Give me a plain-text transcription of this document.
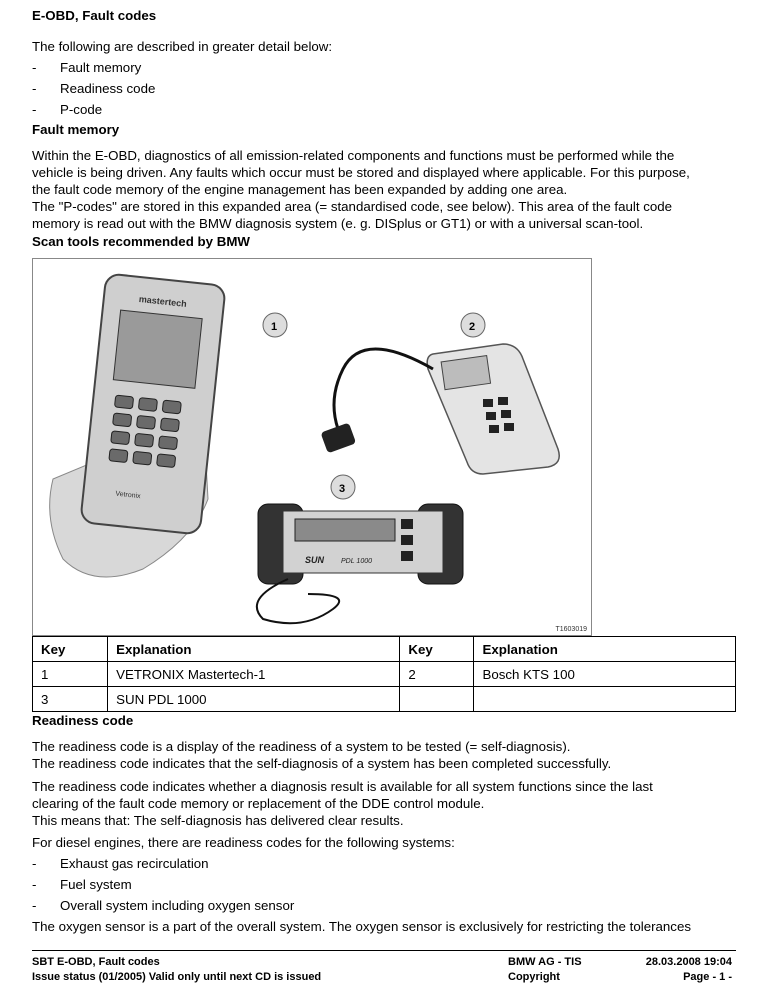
E-OBD, Fault codes
The following are described in greater detail below:
- Fault memory
- Readiness code
- P-code
Fault memory
Within the E-OBD, diagnostics of all emission-related components and functions must be performed while the
vehicle is being driven. Any faults which occur must be stored and displayed where applicable. For this purpose,
the fault code memory of the engine management has been expanded by adding one area.
The "P-codes" are stored in this expanded area (= standardised code, see below). This area of the fault code
memory is read out with the BMW diagnosis system (e. g. DISplus or GT1) or with a universal scan-tool.
Scan tools recommended by BMW
mastertech
Vetronix
1	2
3
SUN PDL 1000
T1603019
Key	Explanation	Key	Explanation
1	VETRONIX Mastertech-1	2	Bosch KTS 100
3	SUN PDL 1000		
Readiness code
The readiness code is a display of the readiness of a system to be tested (= self-diagnosis).
The readiness code indicates that the self-diagnosis of a system has been completed successfully.
The readiness code indicates whether a diagnosis result is available for all system functions since the last
clearing of the fault code memory or replacement of the DDE control module.
This means that: The self-diagnosis has delivered clear results.
For diesel engines, there are readiness codes for the following systems:
- Exhaust gas recirculation
- Fuel system
- Overall system including oxygen sensor
The oxygen sensor is a part of the overall system. The oxygen sensor is exclusively for restricting the tolerances
SBT E-OBD, Fault codes
Issue status (01/2005) Valid only until next CD is issued
BMW AG - TIS
Copyright
28.03.2008 19:04
Page - 1 -
